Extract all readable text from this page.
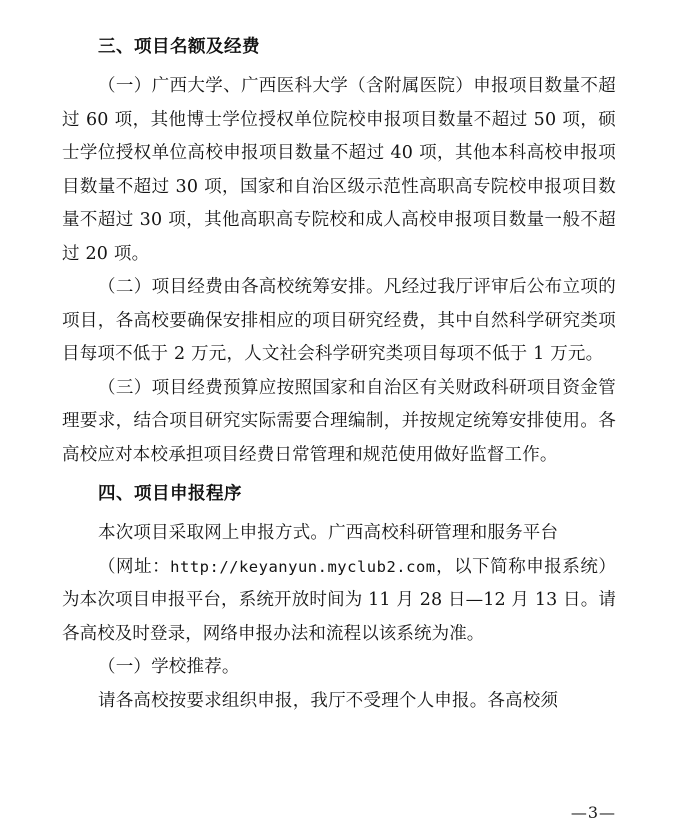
三、项目名额及经费

（一）广西大学、广西医科大学（含附属医院）申报项目数量不超过 60 项，其他博士学位授权单位院校申报项目数量不超过 50 项，硕士学位授权单位高校申报项目数量不超过 40 项，其他本科高校申报项目数量不超过 30 项，国家和自治区级示范性高职高专院校申报项目数量不超过 30 项，其他高职高专院校和成人高校申报项目数量一般不超过 20 项。

（二）项目经费由各高校统筹安排。凡经过我厅评审后公布立项的项目，各高校要确保安排相应的项目研究经费，其中自然科学研究类项目每项不低于 2 万元，人文社会科学研究类项目每项不低于 1 万元。

（三）项目经费预算应按照国家和自治区有关财政科研项目资金管理要求，结合项目研究实际需要合理编制，并按规定统筹安排使用。各高校应对本校承担项目经费日常管理和规范使用做好监督工作。

四、项目申报程序

本次项目采取网上申报方式。广西高校科研管理和服务平台

（网址：http://keyanyun.myclub2.com，以下简称申报系统）为本次项目申报平台，系统开放时间为 11 月 28 日—12 月 13 日。请各高校及时登录，网络申报办法和流程以该系统为准。

（一）学校推荐。

请各高校按要求组织申报，我厅不受理个人申报。各高校须

—3—
